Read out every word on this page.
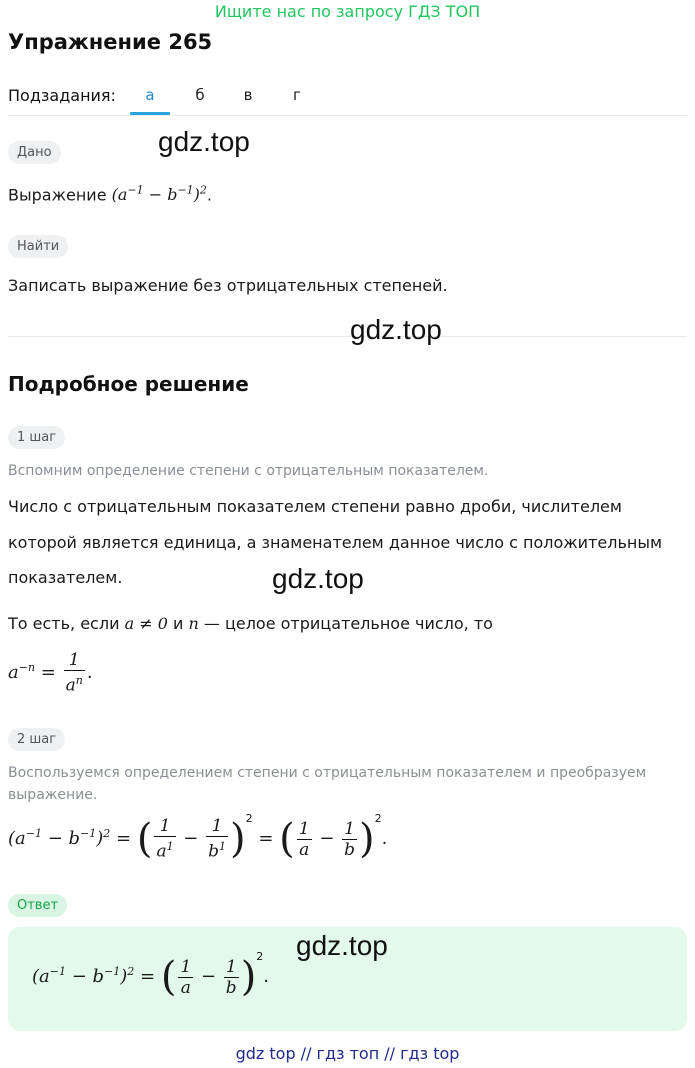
Ищите нас по запросу ГДЗ ТОП
Упражнение 265
Подзадания:	а	б	в	г
gdz.top
Дано
Выражение $(a^{-1} - b^{-1})^2$.
Найти
Записать выражение без отрицательных степеней.
gdz.top
Подробное решение
1 шаг
Вспомним определение степени с отрицательным показателем.
Число с отрицательным показателем степени равно дроби, числителем
которой является единица, а знаменателем данное число с положительным
показателем.	gdz.top
То есть, если a ≠ 0 и n — целое отрицательное число, то
$a^{-n} = \frac{1}{a^n}$ .
2 шаг
Воспользуемся определением степени с отрицательным показателем и преобразуем
выражение.
$(a^{-1} - b^{-1})^2$ = ( $\frac{1}{a^1} - \frac{1}{b^1} )^2$ = ( $\frac{1}{a} - \frac{1}{b} )^2$.
Ответ
gdz.top
$(a^{-1} - b^{-1})^2$ = ( $\frac{1}{a} - \frac{1}{b} )^2$.
gdz top // гдз топ // гдз top
